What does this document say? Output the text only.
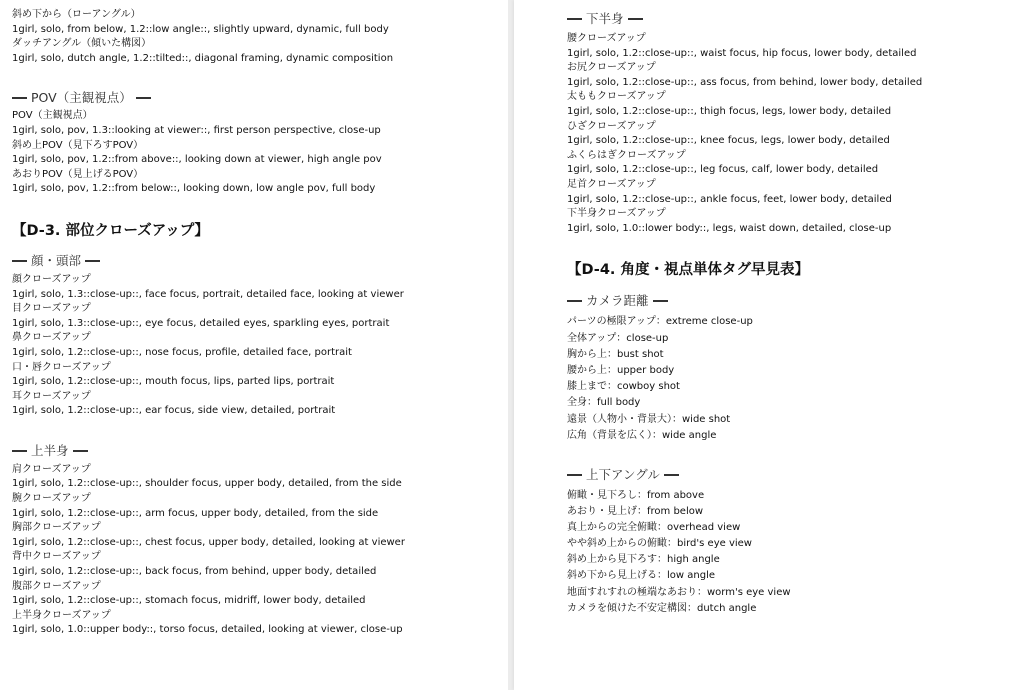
斜め下から（ローアングル）
1girl, solo, from below, 1.2::low angle::, slightly upward, dynamic, full body
ダッチアングル（傾いた構図）
1girl, solo, dutch angle, 1.2::tilted::, diagonal framing, dynamic composition
POV（主観視点）
POV（主観視点）
1girl, solo, pov, 1.3::looking at viewer::, first person perspective, close-up
斜め上POV（見下ろすPOV）
1girl, solo, pov, 1.2::from above::, looking down at viewer, high angle pov
あおりPOV（見上げるPOV）
1girl, solo, pov, 1.2::from below::, looking down, low angle pov, full body
【D-3. 部位クローズアップ】
顔・頭部
顔クローズアップ
1girl, solo, 1.3::close-up::, face focus, portrait, detailed face, looking at viewer
目クローズアップ
1girl, solo, 1.3::close-up::, eye focus, detailed eyes, sparkling eyes, portrait
鼻クローズアップ
1girl, solo, 1.2::close-up::, nose focus, profile, detailed face, portrait
口・唇クローズアップ
1girl, solo, 1.2::close-up::, mouth focus, lips, parted lips, portrait
耳クローズアップ
1girl, solo, 1.2::close-up::, ear focus, side view, detailed, portrait
上半身
肩クローズアップ
1girl, solo, 1.2::close-up::, shoulder focus, upper body, detailed, from the side
腕クローズアップ
1girl, solo, 1.2::close-up::, arm focus, upper body, detailed, from the side
胸部クローズアップ
1girl, solo, 1.2::close-up::, chest focus, upper body, detailed, looking at viewer
背中クローズアップ
1girl, solo, 1.2::close-up::, back focus, from behind, upper body, detailed
腹部クローズアップ
1girl, solo, 1.2::close-up::, stomach focus, midriff, lower body, detailed
上半身クローズアップ
1girl, solo, 1.0::upper body::, torso focus, detailed, looking at viewer, close-up
下半身
腰クローズアップ
1girl, solo, 1.2::close-up::, waist focus, hip focus, lower body, detailed
お尻クローズアップ
1girl, solo, 1.2::close-up::, ass focus, from behind, lower body, detailed
太ももクローズアップ
1girl, solo, 1.2::close-up::, thigh focus, legs, lower body, detailed
ひざクローズアップ
1girl, solo, 1.2::close-up::, knee focus, legs, lower body, detailed
ふくらはぎクローズアップ
1girl, solo, 1.2::close-up::, leg focus, calf, lower body, detailed
足首クローズアップ
1girl, solo, 1.2::close-up::, ankle focus, feet, lower body, detailed
下半身クローズアップ
1girl, solo, 1.0::lower body::, legs, waist down, detailed, close-up
【D-4. 角度・視点単体タグ早見表】
カメラ距離
パーツの極限アップ：extreme close-up
全体アップ：close-up
胸から上：bust shot
腰から上：upper body
膝上まで：cowboy shot
全身：full body
遠景（人物小・背景大）：wide shot
広角（背景を広く）：wide angle
上下アングル
俯瞰・見下ろし：from above
あおり・見上げ：from below
真上からの完全俯瞰：overhead view
やや斜め上からの俯瞰：bird's eye view
斜め上から見下ろす：high angle
斜め下から見上げる：low angle
地面すれすれの極端なあおり：worm's eye view
カメラを傾けた不安定構図：dutch angle
